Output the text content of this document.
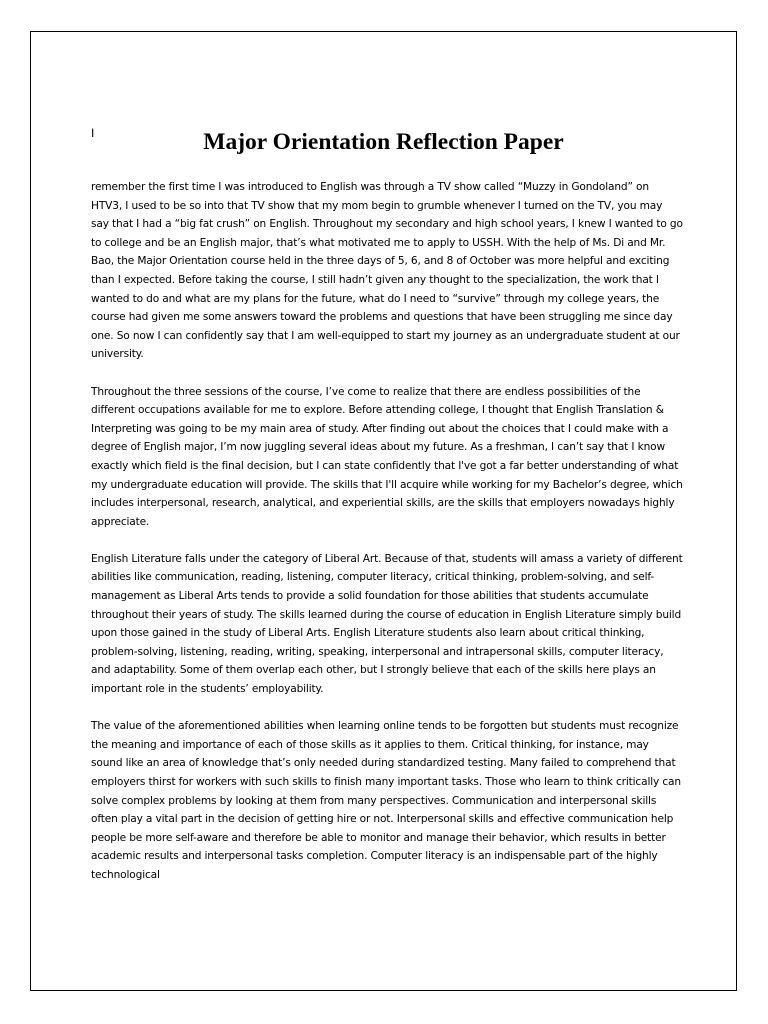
I	Major Orientation Reflection Paper

remember the first time I was introduced to English was through a TV show called “Muzzy in Gondoland” on HTV3, I used to be so into that TV show that my mom begin to grumble whenever I turned on the TV, you may say that I had a “big fat crush” on English. Throughout my secondary and high school years, I knew I wanted to go to college and be an English major, that’s what motivated me to apply to USSH. With the help of Ms. Di and Mr. Bao, the Major Orientation course held in the three days of 5, 6, and 8 of October was more helpful and exciting than I expected. Before taking the course, I still hadn’t given any thought to the specialization, the work that I wanted to do and what are my plans for the future, what do I need to “survive” through my college years, the course had given me some answers toward the problems and questions that have been struggling me since day one. So now I can confidently say that I am well-equipped to start my journey as an undergraduate student at our university.

Throughout the three sessions of the course, I’ve come to realize that there are endless possibilities of the different occupations available for me to explore. Before attending college, I thought that English Translation & Interpreting was going to be my main area of study. After finding out about the choices that I could make with a degree of English major, I’m now juggling several ideas about my future. As a freshman, I can’t say that I know exactly which field is the final decision, but I can state confidently that I've got a far better understanding of what my undergraduate education will provide. The skills that I'll acquire while working for my Bachelor’s degree, which includes interpersonal, research, analytical, and experiential skills, are the skills that employers nowadays highly appreciate.

English Literature falls under the category of Liberal Art. Because of that, students will amass a variety of different abilities like communication, reading, listening, computer literacy, critical thinking, problem-solving, and self-management as Liberal Arts tends to provide a solid foundation for those abilities that students accumulate throughout their years of study. The skills learned during the course of education in English Literature simply build upon those gained in the study of Liberal Arts. English Literature students also learn about critical thinking, problem-solving, listening, reading, writing, speaking, interpersonal and intrapersonal skills, computer literacy, and adaptability. Some of them overlap each other, but I strongly believe that each of the skills here plays an important role in the students’ employability.

The value of the aforementioned abilities when learning online tends to be forgotten but students must recognize the meaning and importance of each of those skills as it applies to them. Critical thinking, for instance, may sound like an area of knowledge that’s only needed during standardized testing. Many failed to comprehend that employers thirst for workers with such skills to finish many important tasks. Those who learn to think critically can solve complex problems by looking at them from many perspectives. Communication and interpersonal skills often play a vital part in the decision of getting hire or not. Interpersonal skills and effective communication help people be more self-aware and therefore be able to monitor and manage their behavior, which results in better academic results and interpersonal tasks completion. Computer literacy is an indispensable part of the highly technological
